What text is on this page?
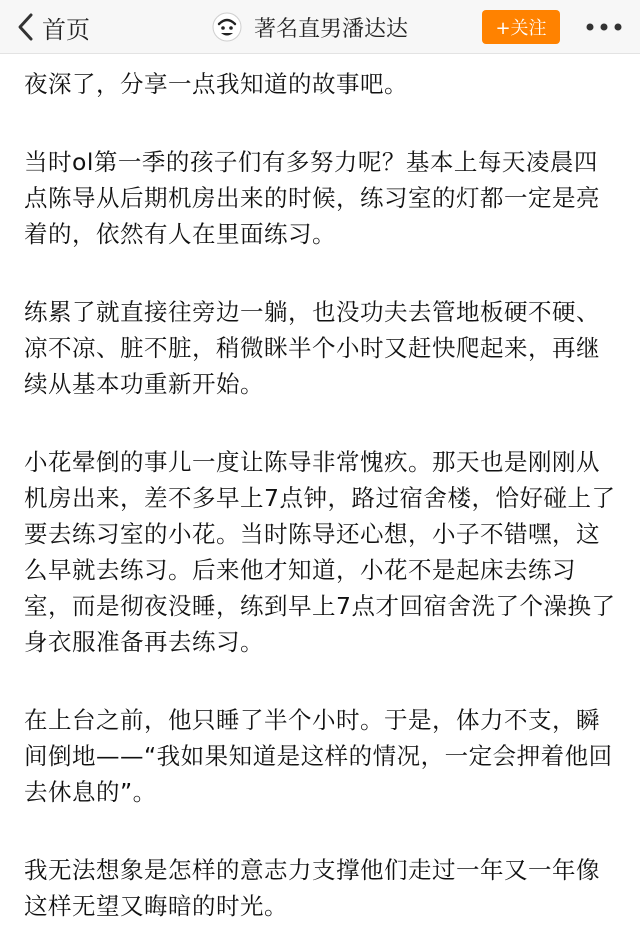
首页	著名直男潘达达	+关注

夜深了，分享一点我知道的故事吧。

当时ol第一季的孩子们有多努力呢？基本上每天凌晨四点陈导从后期机房出来的时候，练习室的灯都一定是亮着的，依然有人在里面练习。

练累了就直接往旁边一躺，也没功夫去管地板硬不硬、凉不凉、脏不脏，稍微眯半个小时又赶快爬起来，再继续从基本功重新开始。

小花晕倒的事儿一度让陈导非常愧疚。那天也是刚刚从机房出来，差不多早上7点钟，路过宿舍楼，恰好碰上了要去练习室的小花。当时陈导还心想，小子不错嘿，这么早就去练习。后来他才知道，小花不是起床去练习室，而是彻夜没睡，练到早上7点才回宿舍洗了个澡换了身衣服准备再去练习。

在上台之前，他只睡了半个小时。于是，体力不支，瞬间倒地——“我如果知道是这样的情况，一定会押着他回去休息的”。

我无法想象是怎样的意志力支撑他们走过一年又一年像这样无望又晦暗的时光。
